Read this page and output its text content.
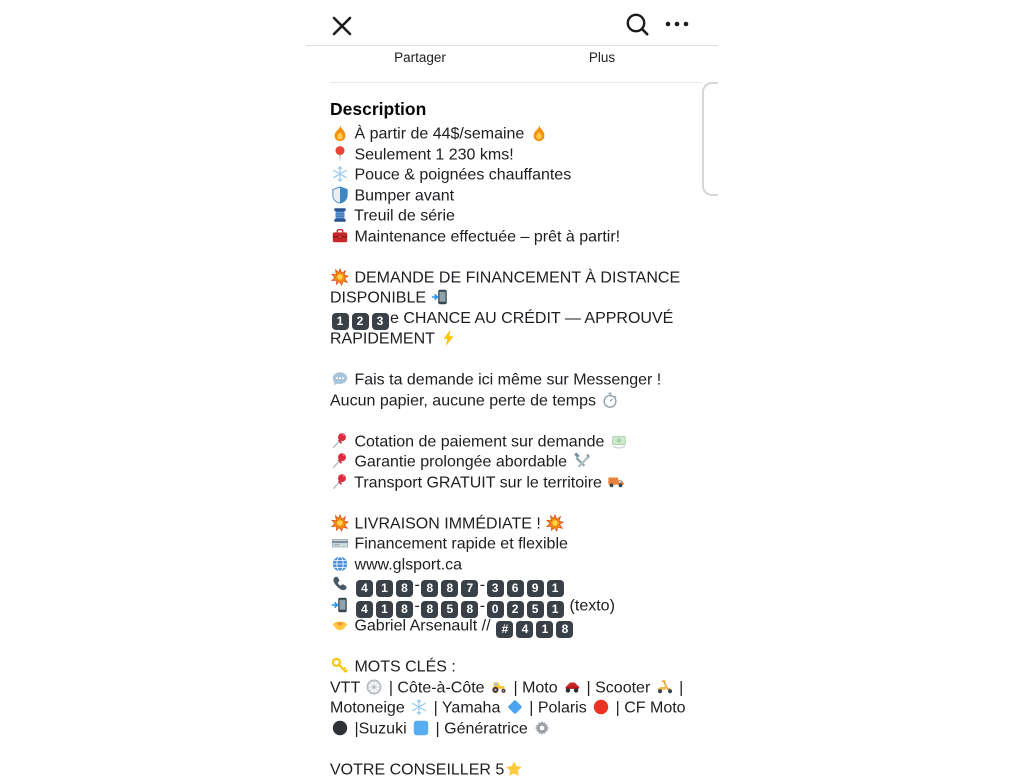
Partager	Plus
Description
À partir de 44$/semaine
Seulement 1 230 kms!
Pouce & poignées chauffantes
Bumper avant
Treuil de série
Maintenance effectuée – prêt à partir!
DEMANDE DE FINANCEMENT À DISTANCE
DISPONIBLE
1 2 3 e CHANCE AU CRÉDIT — APPROUVÉ
RAPIDEMENT
Fais ta demande ici même sur Messenger !
Aucun papier, aucune perte de temps
Cotation de paiement sur demande
Garantie prolongée abordable
Transport GRATUIT sur le territoire
LIVRAISON IMMÉDIATE !
Financement rapide et flexible
www.glsport.ca
4 1 8 - 8 8 7 - 3 6 9 1
4 1 8 - 8 5 8 - 0 2 5 1 (texto)
Gabriel Arsenault // # 4 1 8
MOTS CLÉS :
VTT  | Côte-à-Côte  | Moto  | Scooter  |
Motoneige  | Yamaha  | Polaris  | CF Moto
|Suzuki  | Génératrice
VOTRE CONSEILLER 5
